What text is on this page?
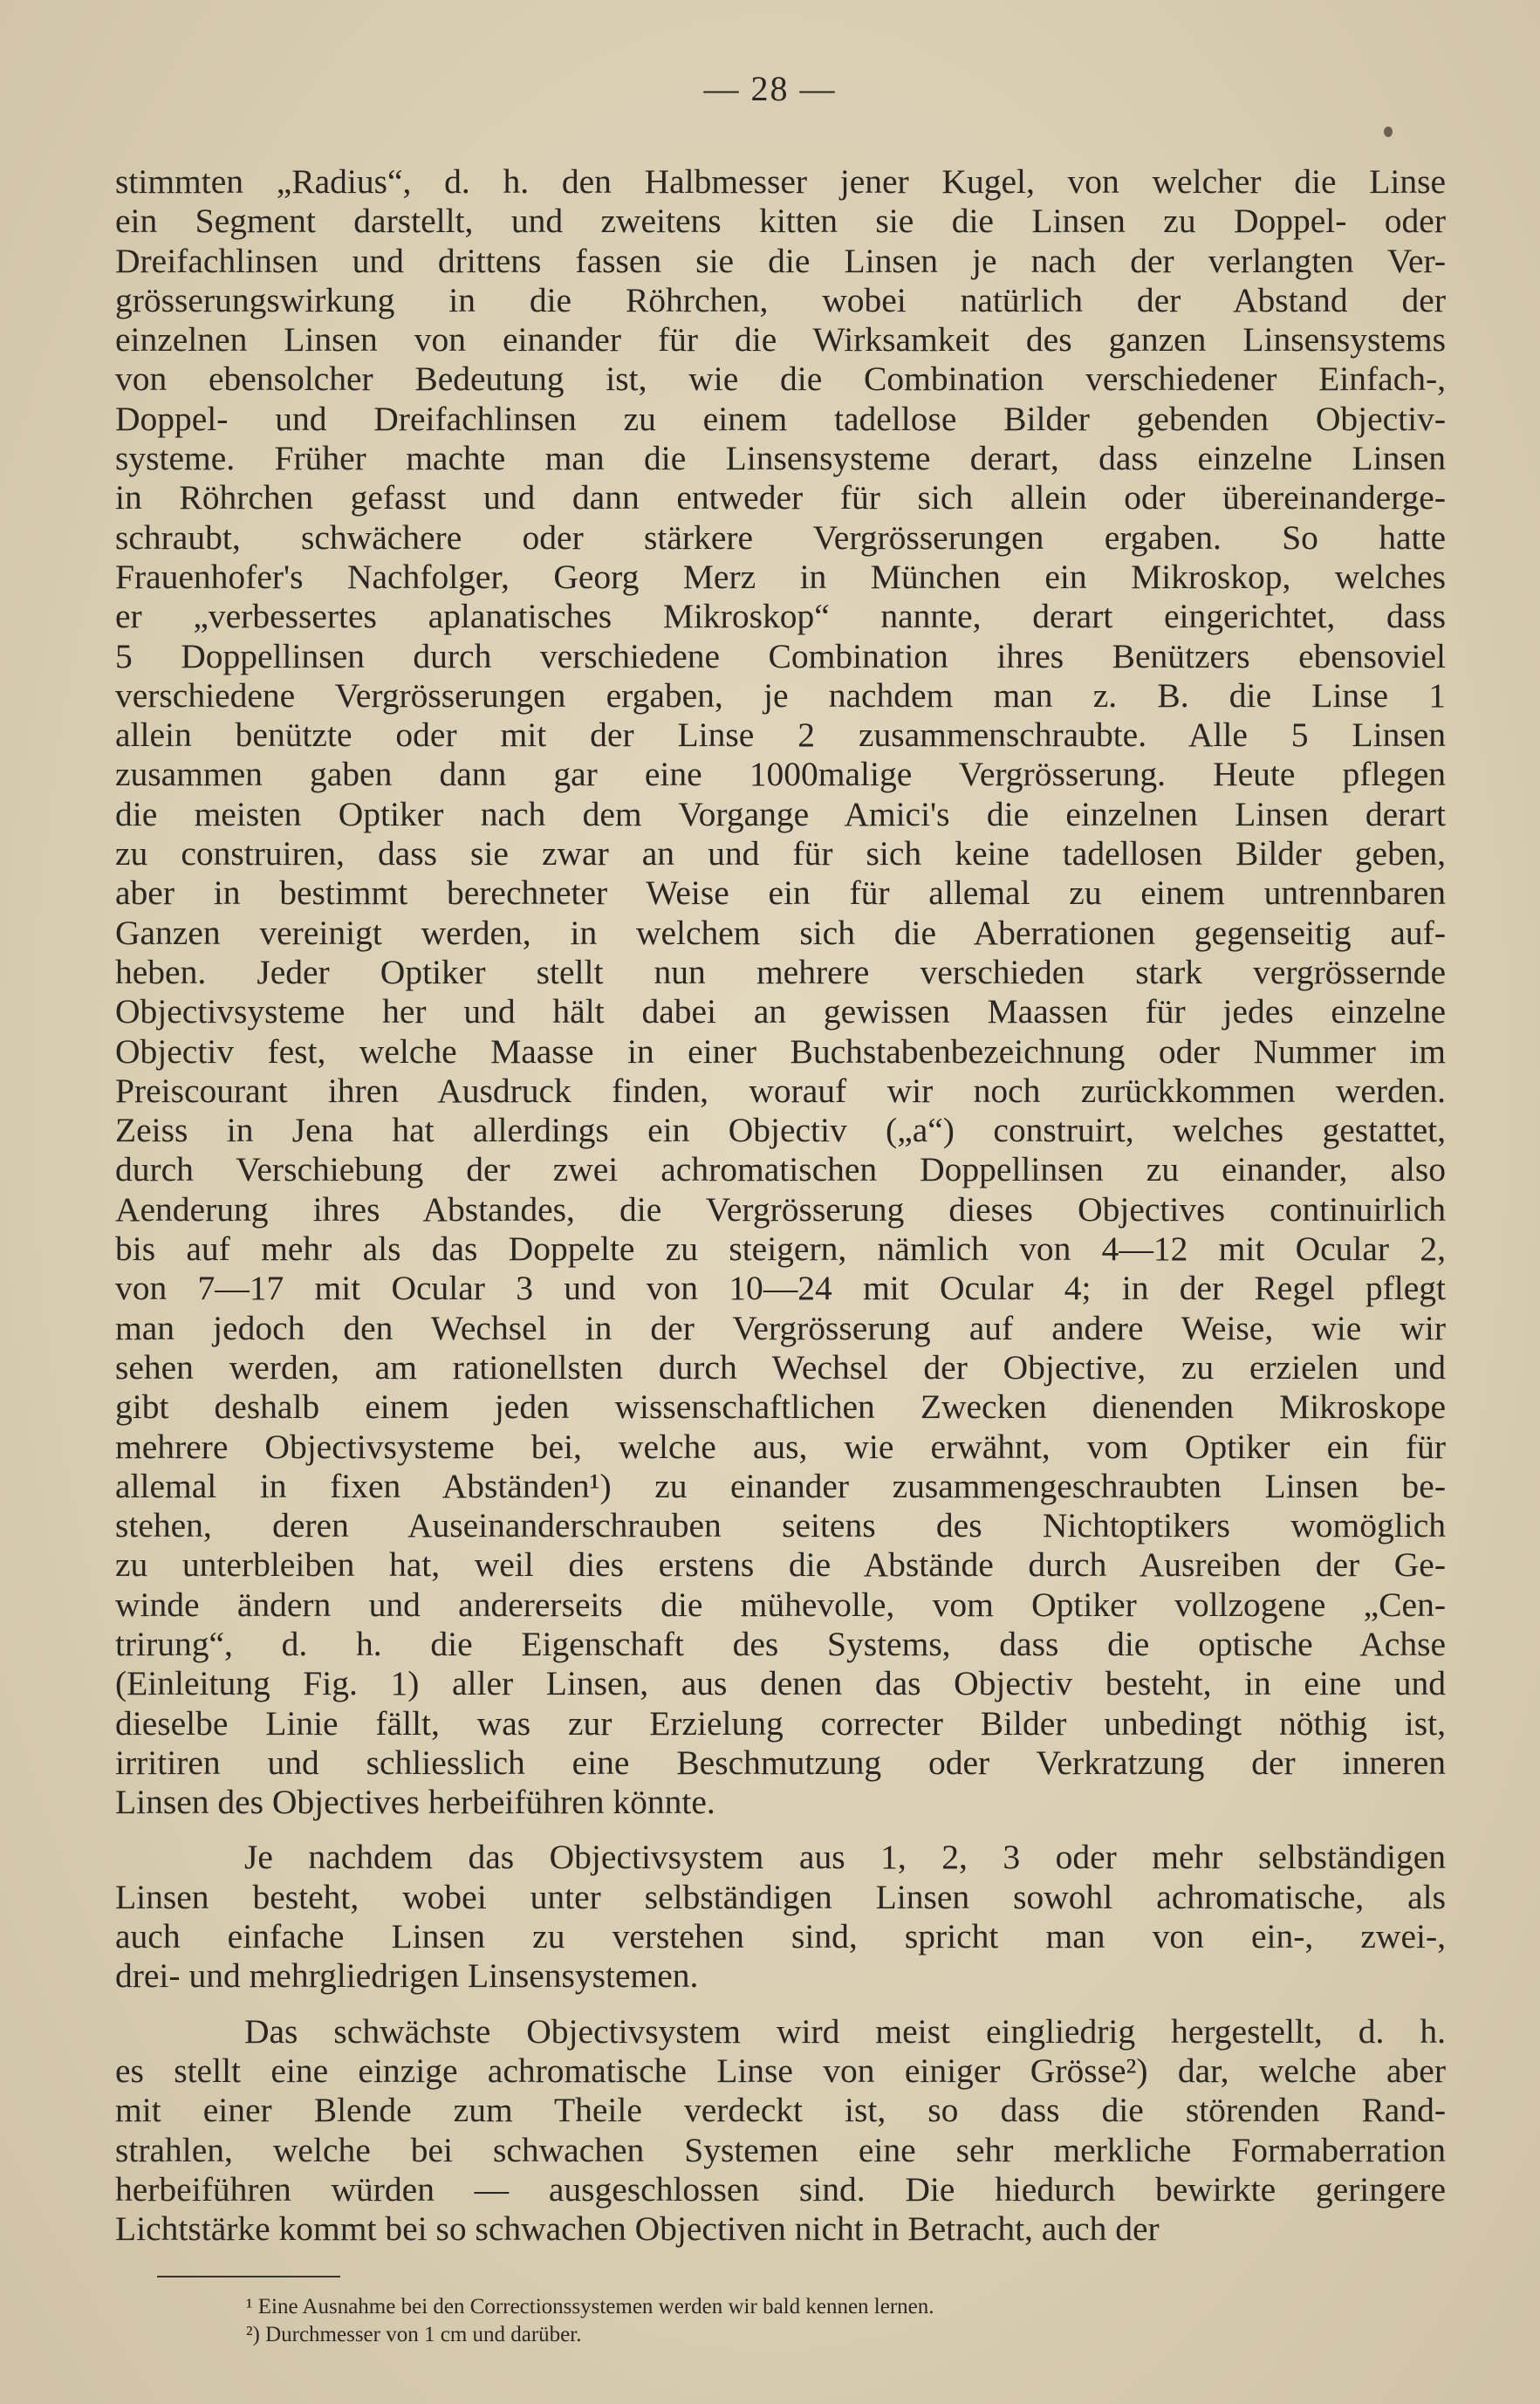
— 28 —
stimmten „Radius“, d. h. den Halbmesser jener Kugel, von welcher die Linse
ein Segment darstellt, und zweitens kitten sie die Linsen zu Doppel- oder
Dreifachlinsen und drittens fassen sie die Linsen je nach der verlangten Ver-
grösserungswirkung in die Röhrchen, wobei natürlich der Abstand der
einzelnen Linsen von einander für die Wirksamkeit des ganzen Linsensystems
von ebensolcher Bedeutung ist, wie die Combination verschiedener Einfach-,
Doppel- und Dreifachlinsen zu einem tadellose Bilder gebenden Objectiv-
systeme. Früher machte man die Linsensysteme derart, dass einzelne Linsen
in Röhrchen gefasst und dann entweder für sich allein oder übereinanderge-
schraubt, schwächere oder stärkere Vergrösserungen ergaben. So hatte
Frauenhofer's Nachfolger, Georg Merz in München ein Mikroskop, welches
er „verbessertes aplanatisches Mikroskop“ nannte, derart eingerichtet, dass
5 Doppellinsen durch verschiedene Combination ihres Benützers ebensoviel
verschiedene Vergrösserungen ergaben, je nachdem man z. B. die Linse 1
allein benützte oder mit der Linse 2 zusammenschraubte. Alle 5 Linsen
zusammen gaben dann gar eine 1000malige Vergrösserung. Heute pflegen
die meisten Optiker nach dem Vorgange Amici's die einzelnen Linsen derart
zu construiren, dass sie zwar an und für sich keine tadellosen Bilder geben,
aber in bestimmt berechneter Weise ein für allemal zu einem untrennbaren
Ganzen vereinigt werden, in welchem sich die Aberrationen gegenseitig auf-
heben. Jeder Optiker stellt nun mehrere verschieden stark vergrössernde
Objectivsysteme her und hält dabei an gewissen Maassen für jedes einzelne
Objectiv fest, welche Maasse in einer Buchstabenbezeichnung oder Nummer im
Preiscourant ihren Ausdruck finden, worauf wir noch zurückkommen werden.
Zeiss in Jena hat allerdings ein Objectiv („a“) construirt, welches gestattet,
durch Verschiebung der zwei achromatischen Doppellinsen zu einander, also
Aenderung ihres Abstandes, die Vergrösserung dieses Objectives continuirlich
bis auf mehr als das Doppelte zu steigern, nämlich von 4—12 mit Ocular 2,
von 7—17 mit Ocular 3 und von 10—24 mit Ocular 4; in der Regel pflegt
man jedoch den Wechsel in der Vergrösserung auf andere Weise, wie wir
sehen werden, am rationellsten durch Wechsel der Objective, zu erzielen und
gibt deshalb einem jeden wissenschaftlichen Zwecken dienenden Mikroskope
mehrere Objectivsysteme bei, welche aus, wie erwähnt, vom Optiker ein für
allemal in fixen Abständen¹) zu einander zusammengeschraubten Linsen be-
stehen, deren Auseinanderschrauben seitens des Nichtoptikers womöglich
zu unterbleiben hat, weil dies erstens die Abstände durch Ausreiben der Ge-
winde ändern und andererseits die mühevolle, vom Optiker vollzogene „Cen-
trirung“, d. h. die Eigenschaft des Systems, dass die optische Achse
(Einleitung Fig. 1) aller Linsen, aus denen das Objectiv besteht, in eine und
dieselbe Linie fällt, was zur Erzielung correcter Bilder unbedingt nöthig ist,
irritiren und schliesslich eine Beschmutzung oder Verkratzung der inneren
Linsen des Objectives herbeiführen könnte.
Je nachdem das Objectivsystem aus 1, 2, 3 oder mehr selbständigen
Linsen besteht, wobei unter selbständigen Linsen sowohl achromatische, als
auch einfache Linsen zu verstehen sind, spricht man von ein-, zwei-,
drei- und mehrgliedrigen Linsensystemen.
Das schwächste Objectivsystem wird meist eingliedrig hergestellt, d. h.
es stellt eine einzige achromatische Linse von einiger Grösse²) dar, welche aber
mit einer Blende zum Theile verdeckt ist, so dass die störenden Rand-
strahlen, welche bei schwachen Systemen eine sehr merkliche Formaberration
herbeiführen würden — ausgeschlossen sind. Die hiedurch bewirkte geringere
Lichtstärke kommt bei so schwachen Objectiven nicht in Betracht, auch der
¹ Eine Ausnahme bei den Correctionssystemen werden wir bald kennen lernen.
²) Durchmesser von 1 cm und darüber.
